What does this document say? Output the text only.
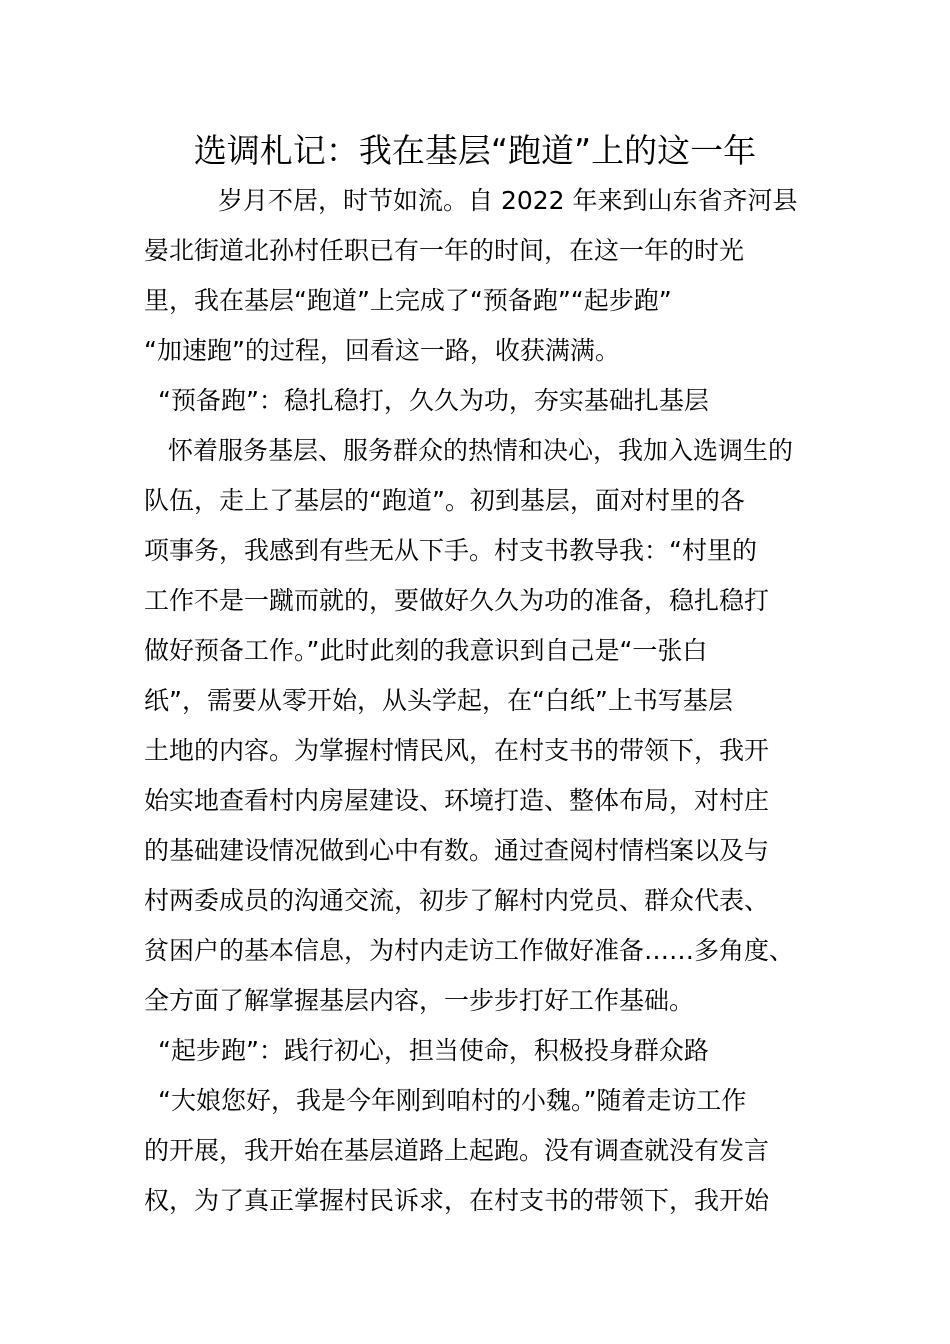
选调札记：我在基层“跑道”上的这一年
岁月不居，时节如流。自 2022 年来到山东省齐河县
晏北街道北孙村任职已有一年的时间，在这一年的时光
里，我在基层“跑道”上完成了“预备跑”“起步跑”
“加速跑”的过程，回看这一路，收获满满。
“预备跑”：稳扎稳打，久久为功，夯实基础扎基层
怀着服务基层、服务群众的热情和决心，我加入选调生的
队伍，走上了基层的“跑道”。初到基层，面对村里的各
项事务，我感到有些无从下手。村支书教导我：“村里的
工作不是一蹴而就的，要做好久久为功的准备，稳扎稳打
做好预备工作。”此时此刻的我意识到自己是“一张白
纸”，需要从零开始，从头学起，在“白纸”上书写基层
土地的内容。为掌握村情民风，在村支书的带领下，我开
始实地查看村内房屋建设、环境打造、整体布局，对村庄
的基础建设情况做到心中有数。通过查阅村情档案以及与
村两委成员的沟通交流，初步了解村内党员、群众代表、
贫困户的基本信息，为村内走访工作做好准备……多角度、
全方面了解掌握基层内容，一步步打好工作基础。
“起步跑”：践行初心，担当使命，积极投身群众路
“大娘您好，我是今年刚到咱村的小魏。”随着走访工作
的开展，我开始在基层道路上起跑。没有调查就没有发言
权，为了真正掌握村民诉求，在村支书的带领下，我开始
